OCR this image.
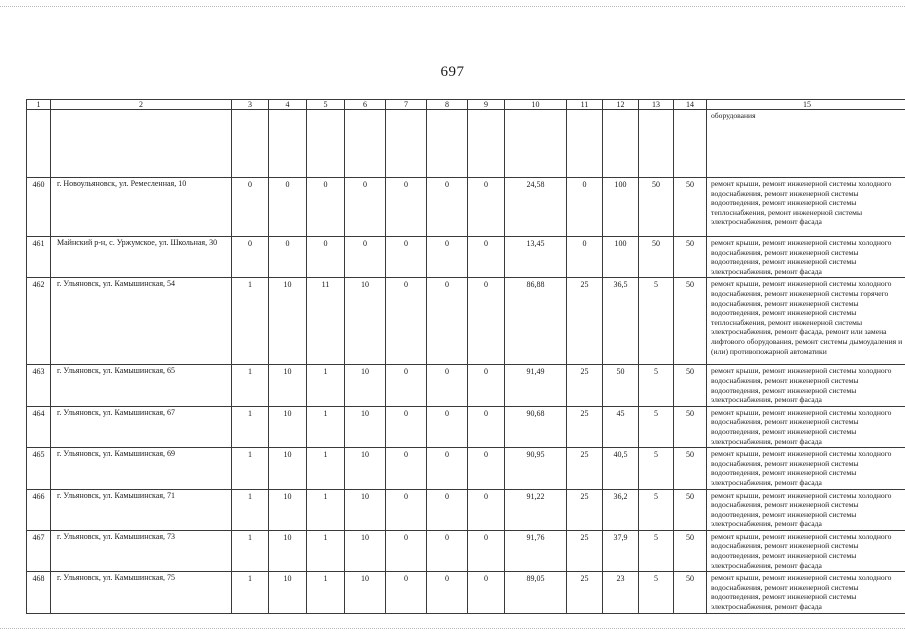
697
1	2	3	4	5	6	7	8	9	10	11	12	13	14	15
														оборудования
460	г. Новоульяновск, ул. Ремесленная, 10	0	0	0	0	0	0	0	24,58	0	100	50	50	ремонт крыши, ремонт инженерной системы холодного водоснабжения, ремонт инженерной системы водоотведения, ремонт инженерной системы теплоснабжения, ремонт инженерной системы электроснабжения, ремонт фасада
461	Майнский р-н, с. Уржумское, ул. Школьная, 30	0	0	0	0	0	0	0	13,45	0	100	50	50	ремонт крыши, ремонт инженерной системы холодного водоснабжения, ремонт инженерной системы водоотведения, ремонт инженерной системы электроснабжения, ремонт фасада
462	г. Ульяновск, ул. Камышинская, 54	1	10	11	10	0	0	0	86,88	25	36,5	5	50	ремонт крыши, ремонт инженерной системы холодного водоснабжения, ремонт инженерной системы горячего водоснабжения, ремонт инженерной системы водоотведения, ремонт инженерной системы теплоснабжения, ремонт инженерной системы электроснабжения, ремонт фасада, ремонт или замена лифтового оборудования, ремонт системы дымоудаления и (или) противопожарной автоматики
463	г. Ульяновск, ул. Камышинская, 65	1	10	1	10	0	0	0	91,49	25	50	5	50	ремонт крыши, ремонт инженерной системы холодного водоснабжения, ремонт инженерной системы водоотведения, ремонт инженерной системы электроснабжения, ремонт фасада
464	г. Ульяновск, ул. Камышинская, 67	1	10	1	10	0	0	0	90,68	25	45	5	50	ремонт крыши, ремонт инженерной системы холодного водоснабжения, ремонт инженерной системы водоотведения, ремонт инженерной системы электроснабжения, ремонт фасада
465	г. Ульяновск, ул. Камышинская, 69	1	10	1	10	0	0	0	90,95	25	40,5	5	50	ремонт крыши, ремонт инженерной системы холодного водоснабжения, ремонт инженерной системы водоотведения, ремонт инженерной системы электроснабжения, ремонт фасада
466	г. Ульяновск, ул. Камышинская, 71	1	10	1	10	0	0	0	91,22	25	36,2	5	50	ремонт крыши, ремонт инженерной системы холодного водоснабжения, ремонт инженерной системы водоотведения, ремонт инженерной системы электроснабжения, ремонт фасада
467	г. Ульяновск, ул. Камышинская, 73	1	10	1	10	0	0	0	91,76	25	37,9	5	50	ремонт крыши, ремонт инженерной системы холодного водоснабжения, ремонт инженерной системы водоотведения, ремонт инженерной системы электроснабжения, ремонт фасада
468	г. Ульяновск, ул. Камышинская, 75	1	10	1	10	0	0	0	89,05	25	23	5	50	ремонт крыши, ремонт инженерной системы холодного водоснабжения, ремонт инженерной системы водоотведения, ремонт инженерной системы электроснабжения, ремонт фасада
